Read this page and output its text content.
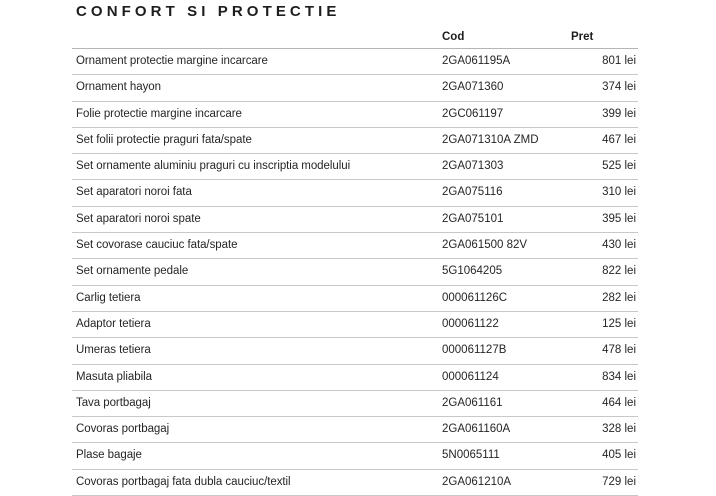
CONFORT SI PROTECTIE
	Cod	Pret
Ornament protectie margine incarcare	2GA061195A	801 lei
Ornament hayon	2GA071360	374 lei
Folie protectie margine incarcare	2GC061197	399 lei
Set folii protectie praguri fata/spate	2GA071310A ZMD	467 lei
Set ornamente aluminiu praguri cu inscriptia modelului	2GA071303	525 lei
Set aparatori noroi fata	2GA075116	310 lei
Set aparatori noroi spate	2GA075101	395 lei
Set covorase cauciuc fata/spate	2GA061500 82V	430 lei
Set ornamente pedale	5G1064205	822 lei
Carlig tetiera	000061126C	282 lei
Adaptor tetiera	000061122	125 lei
Umeras tetiera	000061127B	478 lei
Masuta pliabila	000061124	834 lei
Tava portbagaj	2GA061161	464 lei
Covoras portbagaj	2GA061160A	328 lei
Plase bagaje	5N0065111	405 lei
Covoras portbagaj fata dubla cauciuc/textil	2GA061210A	729 lei
